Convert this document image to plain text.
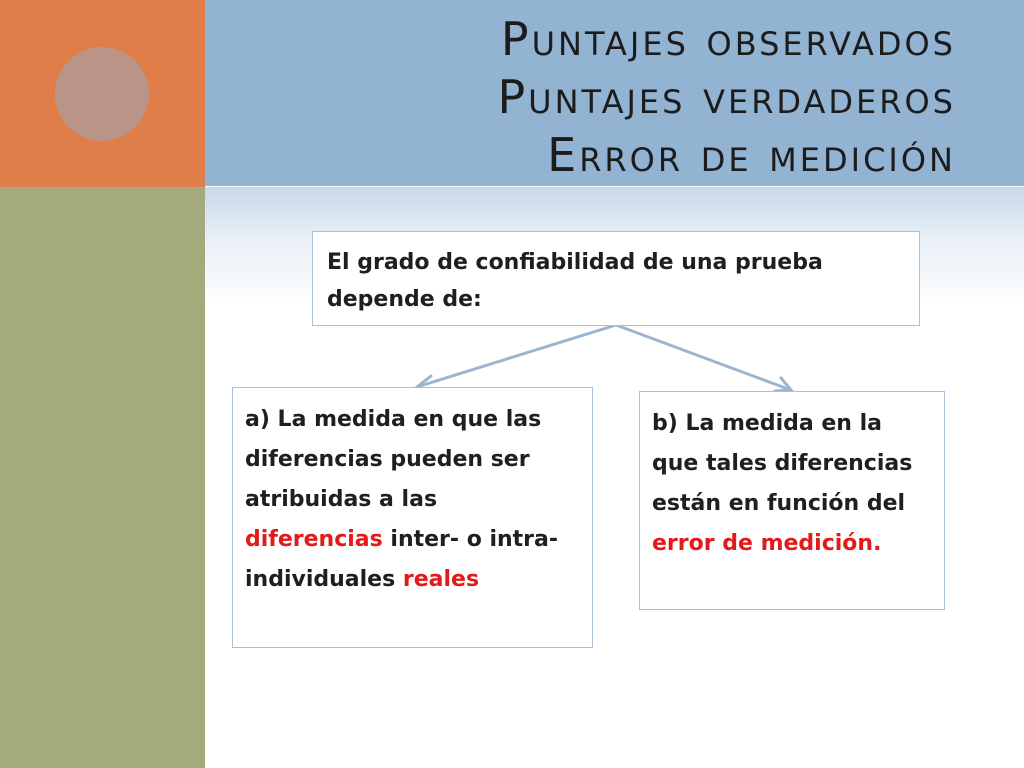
Puntajes observados
Puntajes verdaderos
Error de medición
El grado de confiabilidad de una prueba depende de:
a) La medida en que las diferencias pueden ser atribuidas a las diferencias inter- o intra-individuales reales
b) La medida en la que tales diferencias están en función del error de medición.
